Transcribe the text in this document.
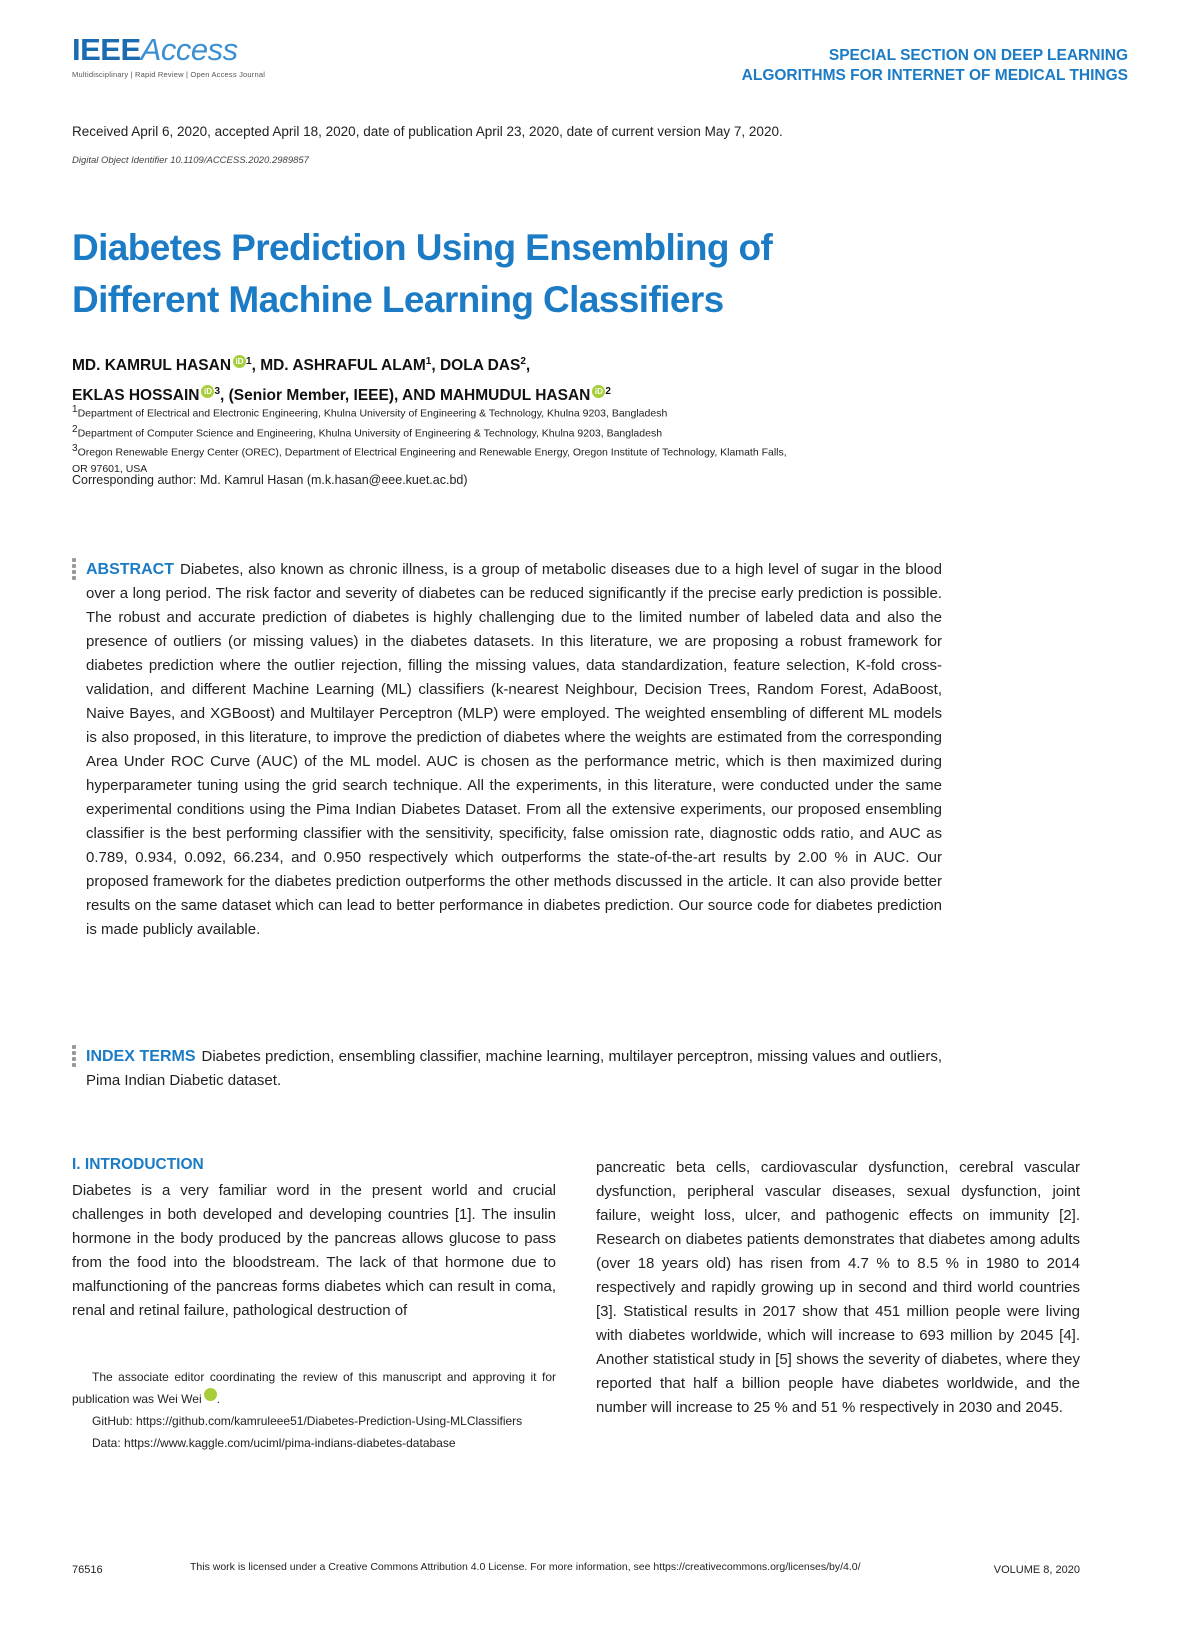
IEEEAccess
Multidisciplinary | Rapid Review | Open Access Journal
SPECIAL SECTION ON DEEP LEARNING
ALGORITHMS FOR INTERNET OF MEDICAL THINGS
Received April 6, 2020, accepted April 18, 2020, date of publication April 23, 2020, date of current version May 7, 2020.
Digital Object Identifier 10.1109/ACCESS.2020.2989857
Diabetes Prediction Using Ensembling of
Different Machine Learning Classifiers
MD. KAMRUL HASAN iD $^1$, MD. ASHRAFUL ALAM$^1$, DOLA DAS$^2$,
EKLAS HOSSAIN iD $^3$, (Senior Member, IEEE), AND MAHMUDUL HASAN iD $^2$
$^1$Department of Electrical and Electronic Engineering, Khulna University of Engineering & Technology, Khulna 9203, Bangladesh
$^2$Department of Computer Science and Engineering, Khulna University of Engineering & Technology, Khulna 9203, Bangladesh
$^3$Oregon Renewable Energy Center (OREC), Department of Electrical Engineering and Renewable Energy, Oregon Institute of Technology, Klamath Falls,
OR 97601, USA
Corresponding author: Md. Kamrul Hasan (m.k.hasan@eee.kuet.ac.bd)
ABSTRACT Diabetes, also known as chronic illness, is a group of metabolic diseases due to a high level of sugar in the blood over a long period. The risk factor and severity of diabetes can be reduced significantly if the precise early prediction is possible. The robust and accurate prediction of diabetes is highly challenging due to the limited number of labeled data and also the presence of outliers (or missing values) in the diabetes datasets. In this literature, we are proposing a robust framework for diabetes prediction where the outlier rejection, filling the missing values, data standardization, feature selection, K-fold cross-validation, and different Machine Learning (ML) classifiers (k-nearest Neighbour, Decision Trees, Random Forest, AdaBoost, Naive Bayes, and XGBoost) and Multilayer Perceptron (MLP) were employed. The weighted ensembling of different ML models is also proposed, in this literature, to improve the prediction of diabetes where the weights are estimated from the corresponding Area Under ROC Curve (AUC) of the ML model. AUC is chosen as the performance metric, which is then maximized during hyperparameter tuning using the grid search technique. All the experiments, in this literature, were conducted under the same experimental conditions using the Pima Indian Diabetes Dataset. From all the extensive experiments, our proposed ensembling classifier is the best performing classifier with the sensitivity, specificity, false omission rate, diagnostic odds ratio, and AUC as 0.789, 0.934, 0.092, 66.234, and 0.950 respectively which outperforms the state-of-the-art results by 2.00 % in AUC. Our proposed framework for the diabetes prediction outperforms the other methods discussed in the article. It can also provide better results on the same dataset which can lead to better performance in diabetes prediction. Our source code for diabetes prediction is made publicly available.
INDEX TERMS Diabetes prediction, ensembling classifier, machine learning, multilayer perceptron, missing values and outliers, Pima Indian Diabetic dataset.
I. INTRODUCTION
Diabetes is a very familiar word in the present world and crucial challenges in both developed and developing countries [1]. The insulin hormone in the body produced by the pancreas allows glucose to pass from the food into the bloodstream. The lack of that hormone due to malfunctioning of the pancreas forms diabetes which can result in coma, renal and retinal failure, pathological destruction of
pancreatic beta cells, cardiovascular dysfunction, cerebral vascular dysfunction, peripheral vascular diseases, sexual dysfunction, joint failure, weight loss, ulcer, and pathogenic effects on immunity [2]. Research on diabetes patients demonstrates that diabetes among adults (over 18 years old) has risen from 4.7 % to 8.5 % in 1980 to 2014 respectively and rapidly growing up in second and third world countries [3]. Statistical results in 2017 show that 451 million people were living with diabetes worldwide, which will increase to 693 million by 2045 [4]. Another statistical study in [5] shows the severity of diabetes, where they reported that half a billion people have diabetes worldwide, and the number will increase to 25 % and 51 % respectively in 2030 and 2045.
The associate editor coordinating the review of this manuscript and approving it for publication was Wei Wei	iD.
GitHub: https://github.com/kamruleee51/Diabetes-Prediction-Using-MLClassifiers
Data: https://www.kaggle.com/uciml/pima-indians-diabetes-database
76516	This work is licensed under a Creative Commons Attribution 4.0 License. For more information, see https://creativecommons.org/licenses/by/4.0/	VOLUME 8, 2020
